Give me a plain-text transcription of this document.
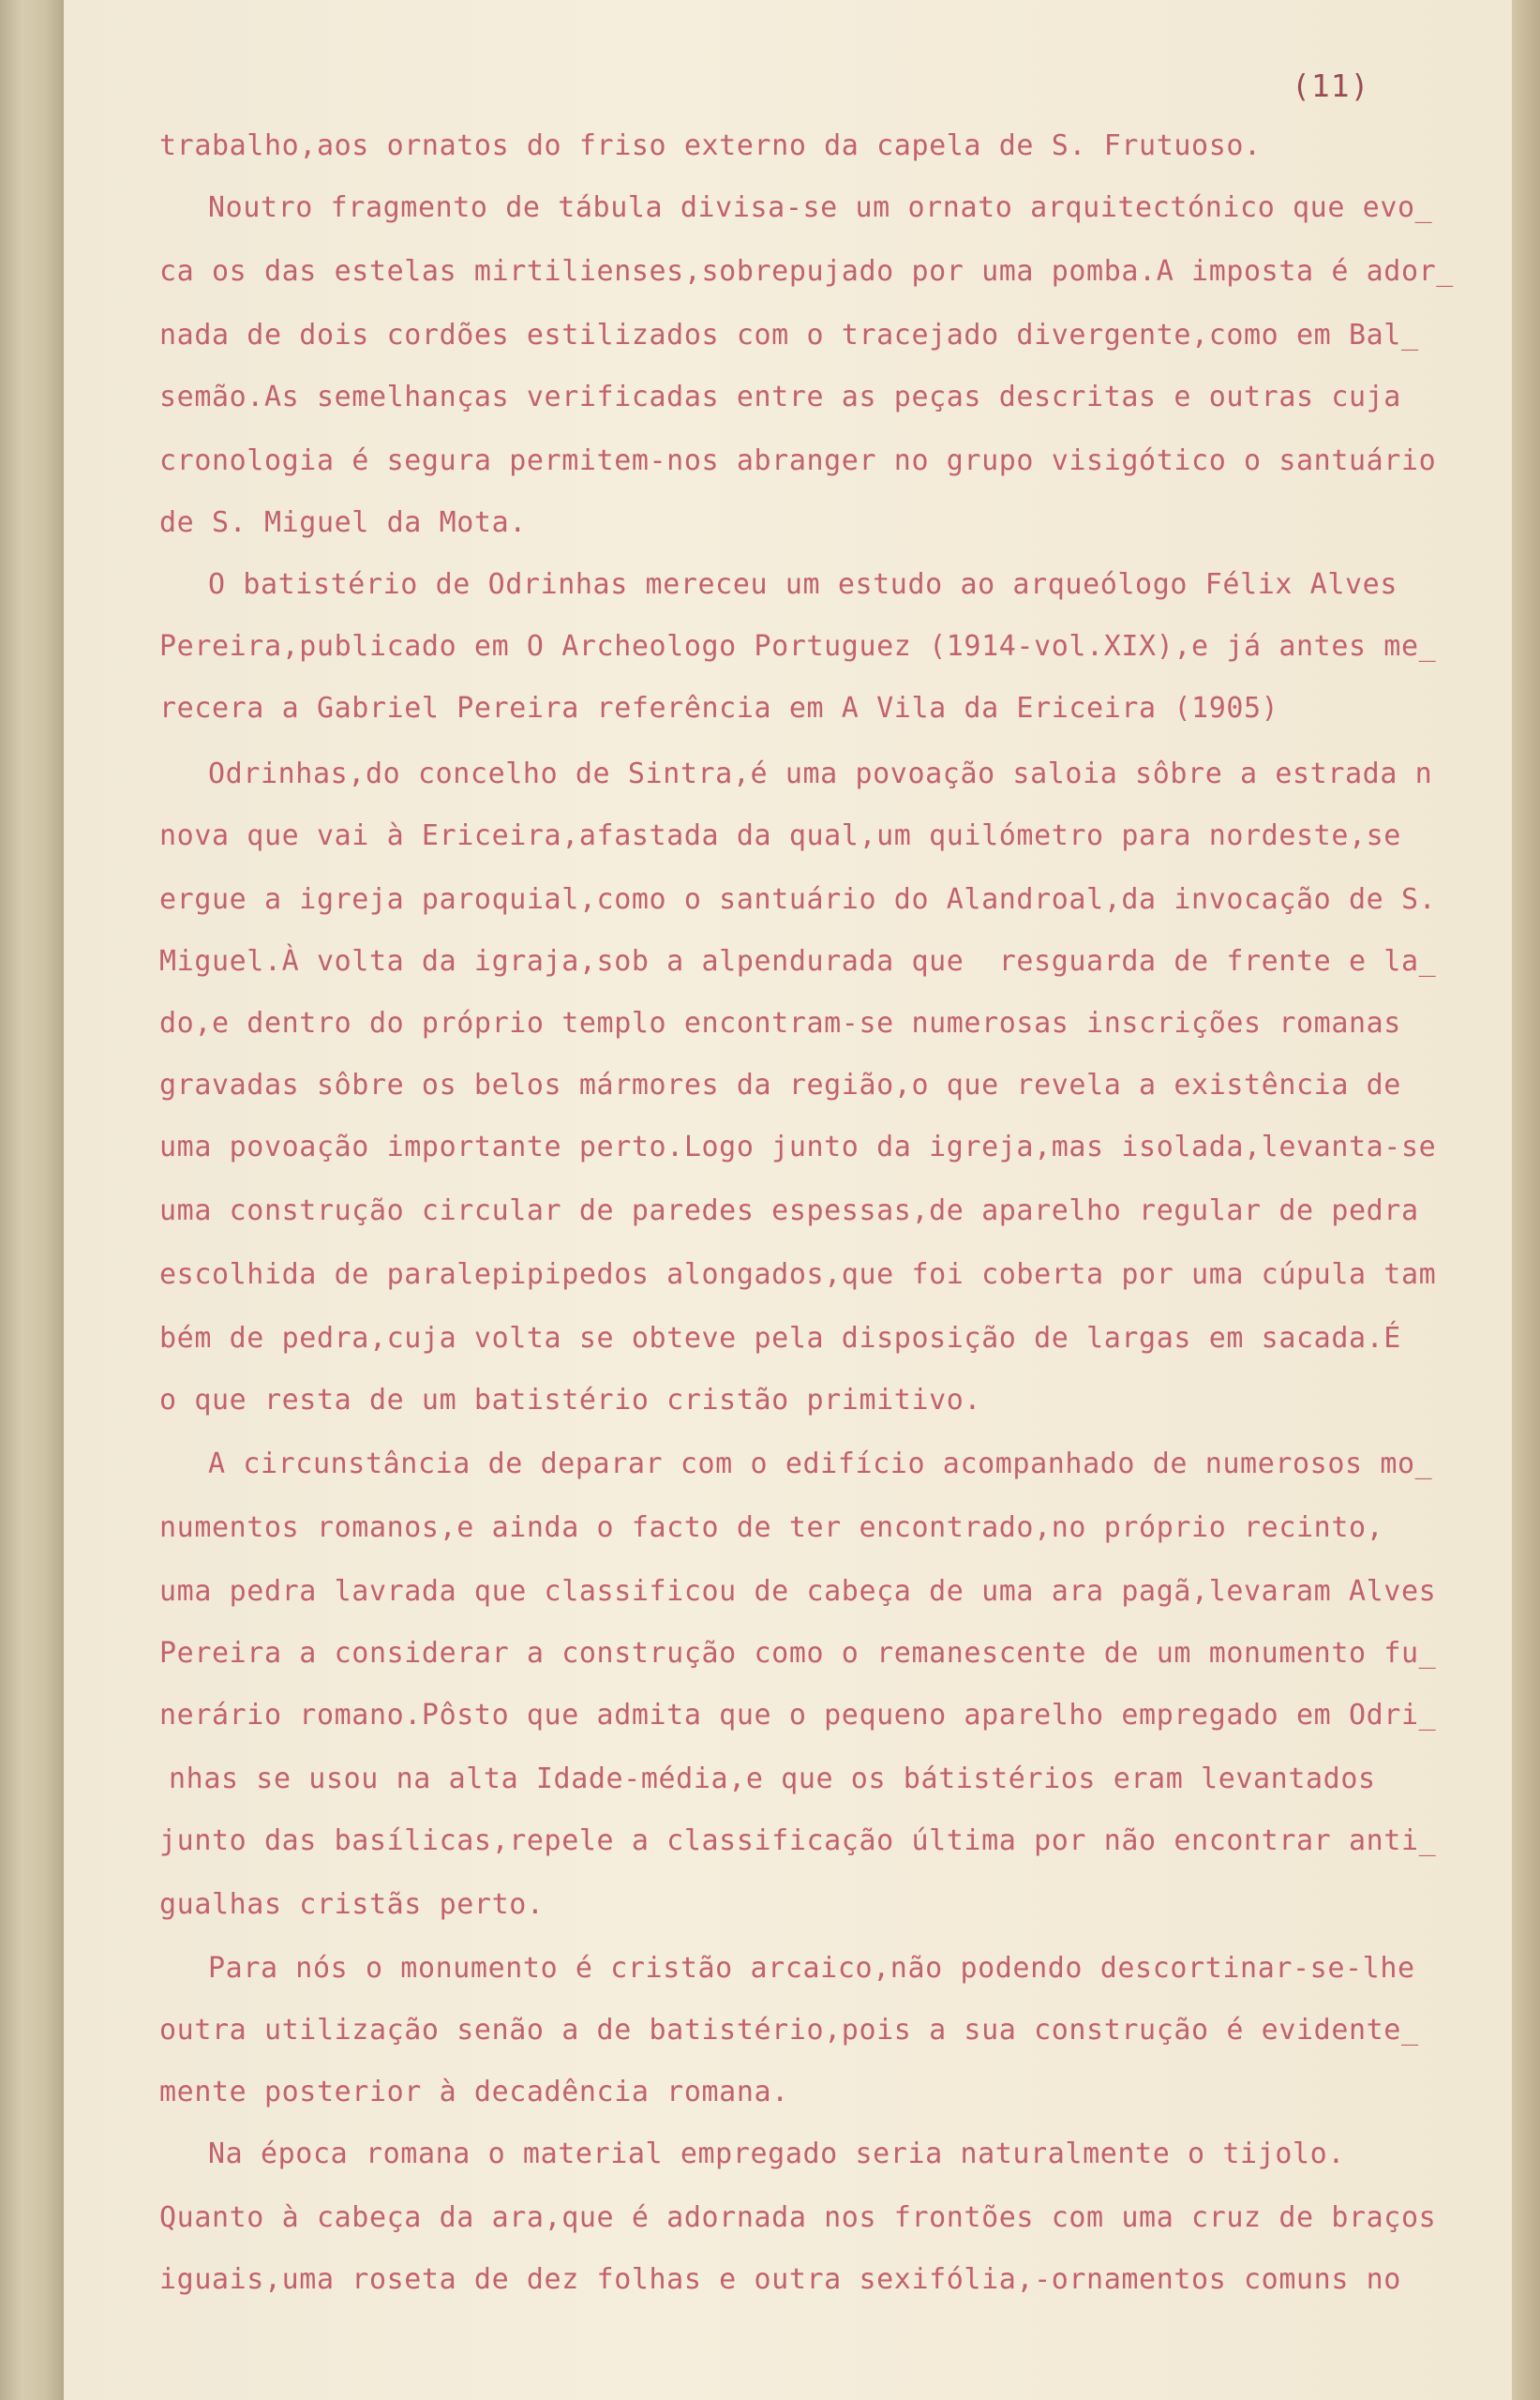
(11)
trabalho,aos ornatos do friso externo da capela de S. Frutuoso.
Noutro fragmento de tábula divisa-se um ornato arquitectónico que evo_
ca os das estelas mirtilienses,sobrepujado por uma pomba.A imposta é ador_
nada de dois cordões estilizados com o tracejado divergente,como em Bal_
semão.As semelhanças verificadas entre as peças descritas e outras cuja
cronologia é segura permitem-nos abranger no grupo visigótico o santuário
de S. Miguel da Mota.
O batistério de Odrinhas mereceu um estudo ao arqueólogo Félix Alves
Pereira,publicado em O Archeologo Portuguez (1914-vol.XIX),e já antes me_
recera a Gabriel Pereira referência em A Vila da Ericeira (1905)
Odrinhas,do concelho de Sintra,é uma povoação saloia sôbre a estrada n
nova que vai à Ericeira,afastada da qual,um quilómetro para nordeste,se
ergue a igreja paroquial,como o santuário do Alandroal,da invocação de S.
Miguel.À volta da igraja,sob a alpendurada que  resguarda de frente e la_
do,e dentro do próprio templo encontram-se numerosas inscrições romanas
gravadas sôbre os belos mármores da região,o que revela a existência de
uma povoação importante perto.Logo junto da igreja,mas isolada,levanta-se
uma construção circular de paredes espessas,de aparelho regular de pedra
escolhida de paralepipipedos alongados,que foi coberta por uma cúpula tam
bém de pedra,cuja volta se obteve pela disposição de largas em sacada.É
o que resta de um batistério cristão primitivo.
A circunstância de deparar com o edifício acompanhado de numerosos mo_
numentos romanos,e ainda o facto de ter encontrado,no próprio recinto,
uma pedra lavrada que classificou de cabeça de uma ara pagã,levaram Alves
Pereira a considerar a construção como o remanescente de um monumento fu_
nerário romano.Pôsto que admita que o pequeno aparelho empregado em Odri_
nhas se usou na alta Idade-média,e que os bátistérios eram levantados
junto das basílicas,repele a classificação última por não encontrar anti_
gualhas cristãs perto.
Para nós o monumento é cristão arcaico,não podendo descortinar-se-lhe
outra utilização senão a de batistério,pois a sua construção é evidente_
mente posterior à decadência romana.
Na época romana o material empregado seria naturalmente o tijolo.
Quanto à cabeça da ara,que é adornada nos frontões com uma cruz de braços
iguais,uma roseta de dez folhas e outra sexifólia,-ornamentos comuns no
